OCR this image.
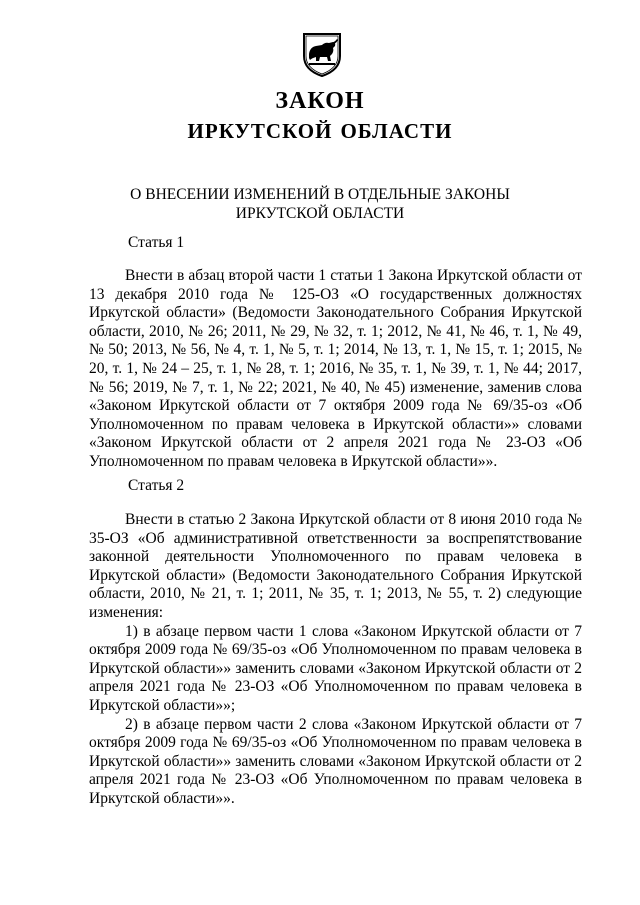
ЗАКОН
ИРКУТСКОЙ ОБЛАСТИ
О ВНЕСЕНИИ ИЗМЕНЕНИЙ В ОТДЕЛЬНЫЕ ЗАКОНЫ
ИРКУТСКОЙ ОБЛАСТИ
Статья 1

Внести в абзац второй части 1 статьи 1 Закона Иркутской области от 13 декабря 2010 года № 125-ОЗ «О государственных должностях Иркутской области» (Ведомости Законодательного Собрания Иркутской области, 2010, № 26; 2011, № 29, № 32, т. 1; 2012, № 41, № 46, т. 1, № 49, № 50; 2013, № 56, № 4, т. 1, № 5, т. 1; 2014, № 13, т. 1, № 15, т. 1; 2015, № 20, т. 1, № 24 – 25, т. 1, № 28, т. 1; 2016, № 35, т. 1, № 39, т. 1, № 44; 2017, № 56; 2019, № 7, т. 1, № 22; 2021, № 40, № 45) изменение, заменив слова «Законом Иркутской области от 7 октября 2009 года № 69/35-оз «Об Уполномоченном по правам человека в Иркутской области»» словами «Законом Иркутской области от 2 апреля 2021 года № 23-ОЗ «Об Уполномоченном по правам человека в Иркутской области»».

Статья 2

Внести в статью 2 Закона Иркутской области от 8 июня 2010 года № 35-ОЗ «Об административной ответственности за воспрепятствование законной деятельности Уполномоченного по правам человека в Иркутской области» (Ведомости Законодательного Собрания Иркутской области, 2010, № 21, т. 1; 2011, № 35, т. 1; 2013, № 55, т. 2) следующие изменения:

1) в абзаце первом части 1 слова «Законом Иркутской области от 7 октября 2009 года № 69/35-оз «Об Уполномоченном по правам человека в Иркутской области»» заменить словами «Законом Иркутской области от 2 апреля 2021 года № 23-ОЗ «Об Уполномоченном по правам человека в Иркутской области»»;

2) в абзаце первом части 2 слова «Законом Иркутской области от 7 октября 2009 года № 69/35-оз «Об Уполномоченном по правам человека в Иркутской области»» заменить словами «Законом Иркутской области от 2 апреля 2021 года № 23-ОЗ «Об Уполномоченном по правам человека в Иркутской области»».
